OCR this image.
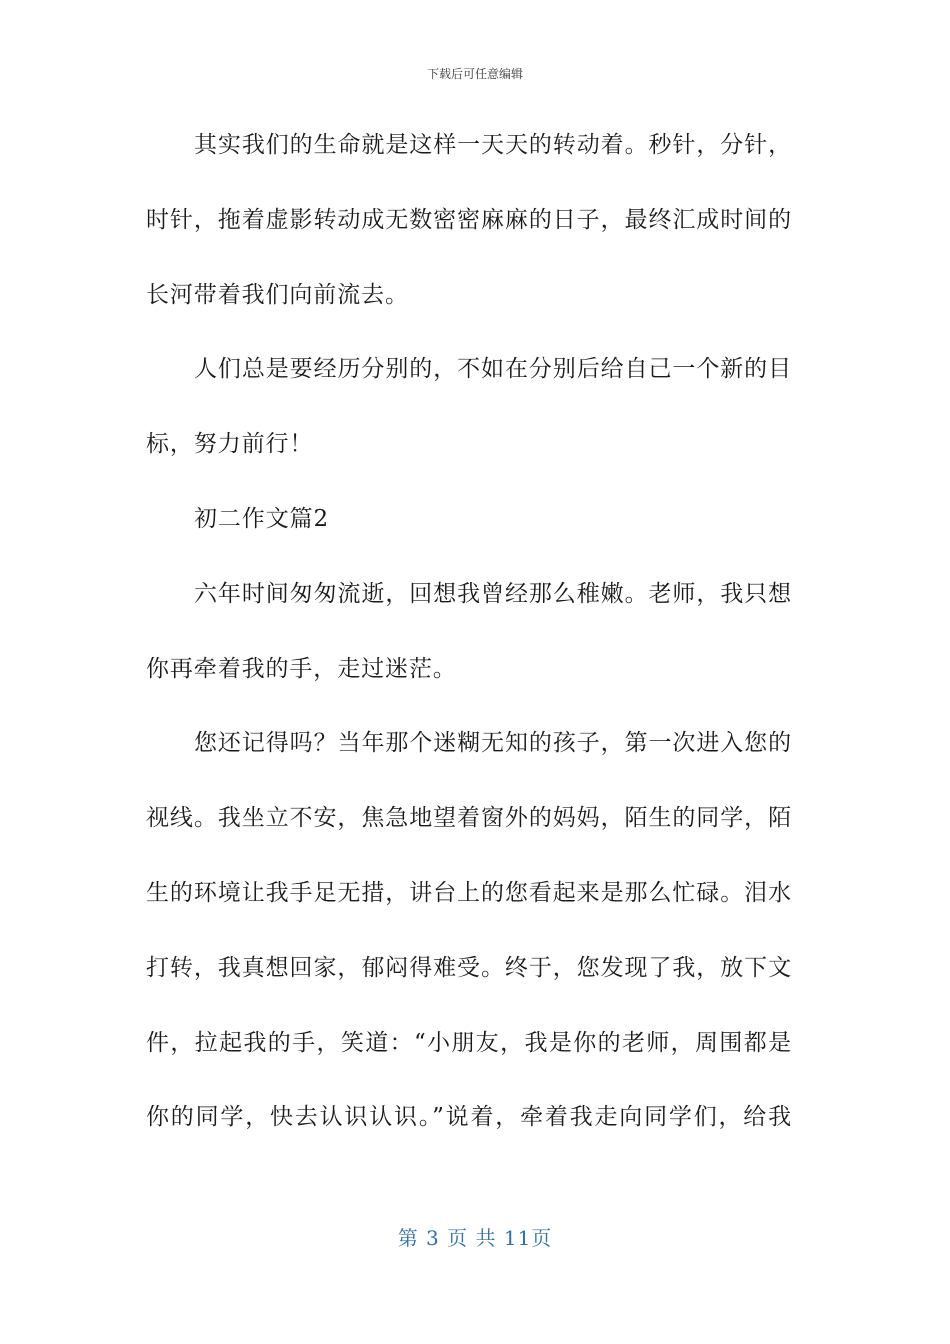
下载后可任意编辑
其实我们的生命就是这样一天天的转动着。秒针，分针，
时针，拖着虚影转动成无数密密麻麻的日子，最终汇成时间的
长河带着我们向前流去。
人们总是要经历分别的，不如在分别后给自己一个新的目
标，努力前行！
初二作文篇2
六年时间匆匆流逝，回想我曾经那么稚嫩。老师，我只想
你再牵着我的手，走过迷茫。
您还记得吗？当年那个迷糊无知的孩子，第一次进入您的
视线。我坐立不安，焦急地望着窗外的妈妈，陌生的同学，陌
生的环境让我手足无措，讲台上的您看起来是那么忙碌。泪水
打转，我真想回家，郁闷得难受。终于，您发现了我，放下文
件，拉起我的手，笑道：“小朋友，我是你的老师，周围都是
你的同学，快去认识认识。”说着，牵着我走向同学们，给我
第 3 页 共 11页
